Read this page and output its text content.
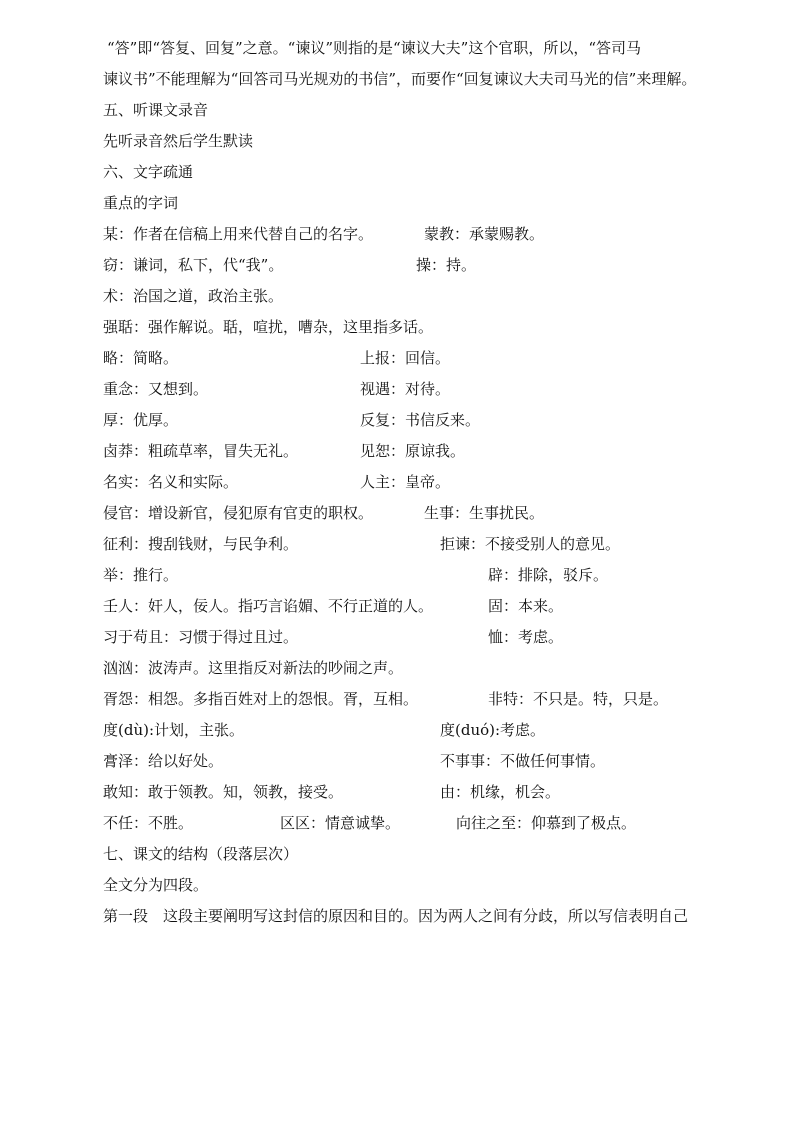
“答”即“答复、回复”之意。“谏议”则指的是“谏议大夫”这个官职，所以，“答司马
谏议书”不能理解为“回答司马光规劝的书信”，而要作“回复谏议大夫司马光的信”来理解。
五、听课文录音
先听录音然后学生默读
六、文字疏通
重点的字词
某：作者在信稿上用来代替自己的名字。	蒙教：承蒙赐教。
窃：谦词，私下，代“我”。	操：持。
术：治国之道，政治主张。
强聒：强作解说。聒，喧扰，嘈杂，这里指多话。
略：简略。	上报：回信。
重念：又想到。	视遇：对待。
厚：优厚。	反复：书信反来。
卤莽：粗疏草率，冒失无礼。	见恕：原谅我。
名实：名义和实际。	人主：皇帝。
侵官：增设新官，侵犯原有官吏的职权。	生事：生事扰民。
征利：搜刮钱财，与民争利。	拒谏：不接受别人的意见。
举：推行。	辟：排除，驳斥。
壬人：奸人，佞人。指巧言谄媚、不行正道的人。	固：本来。
习于苟且：习惯于得过且过。	恤：考虑。
汹汹：波涛声。这里指反对新法的吵闹之声。
胥怨：相怨。多指百姓对上的怨恨。胥，互相。	非特：不只是。特，只是。
度(dù):计划，主张。	度(duó):考虑。
膏泽：给以好处。	不事事：不做任何事情。
敢知：敢于领教。知，领教，接受。	由：机缘，机会。
不任：不胜。	区区：情意诚挚。	向往之至：仰慕到了极点。
七、课文的结构（段落层次）
全文分为四段。
第一段 这段主要阐明写这封信的原因和目的。因为两人之间有分歧，所以写信表明自己
